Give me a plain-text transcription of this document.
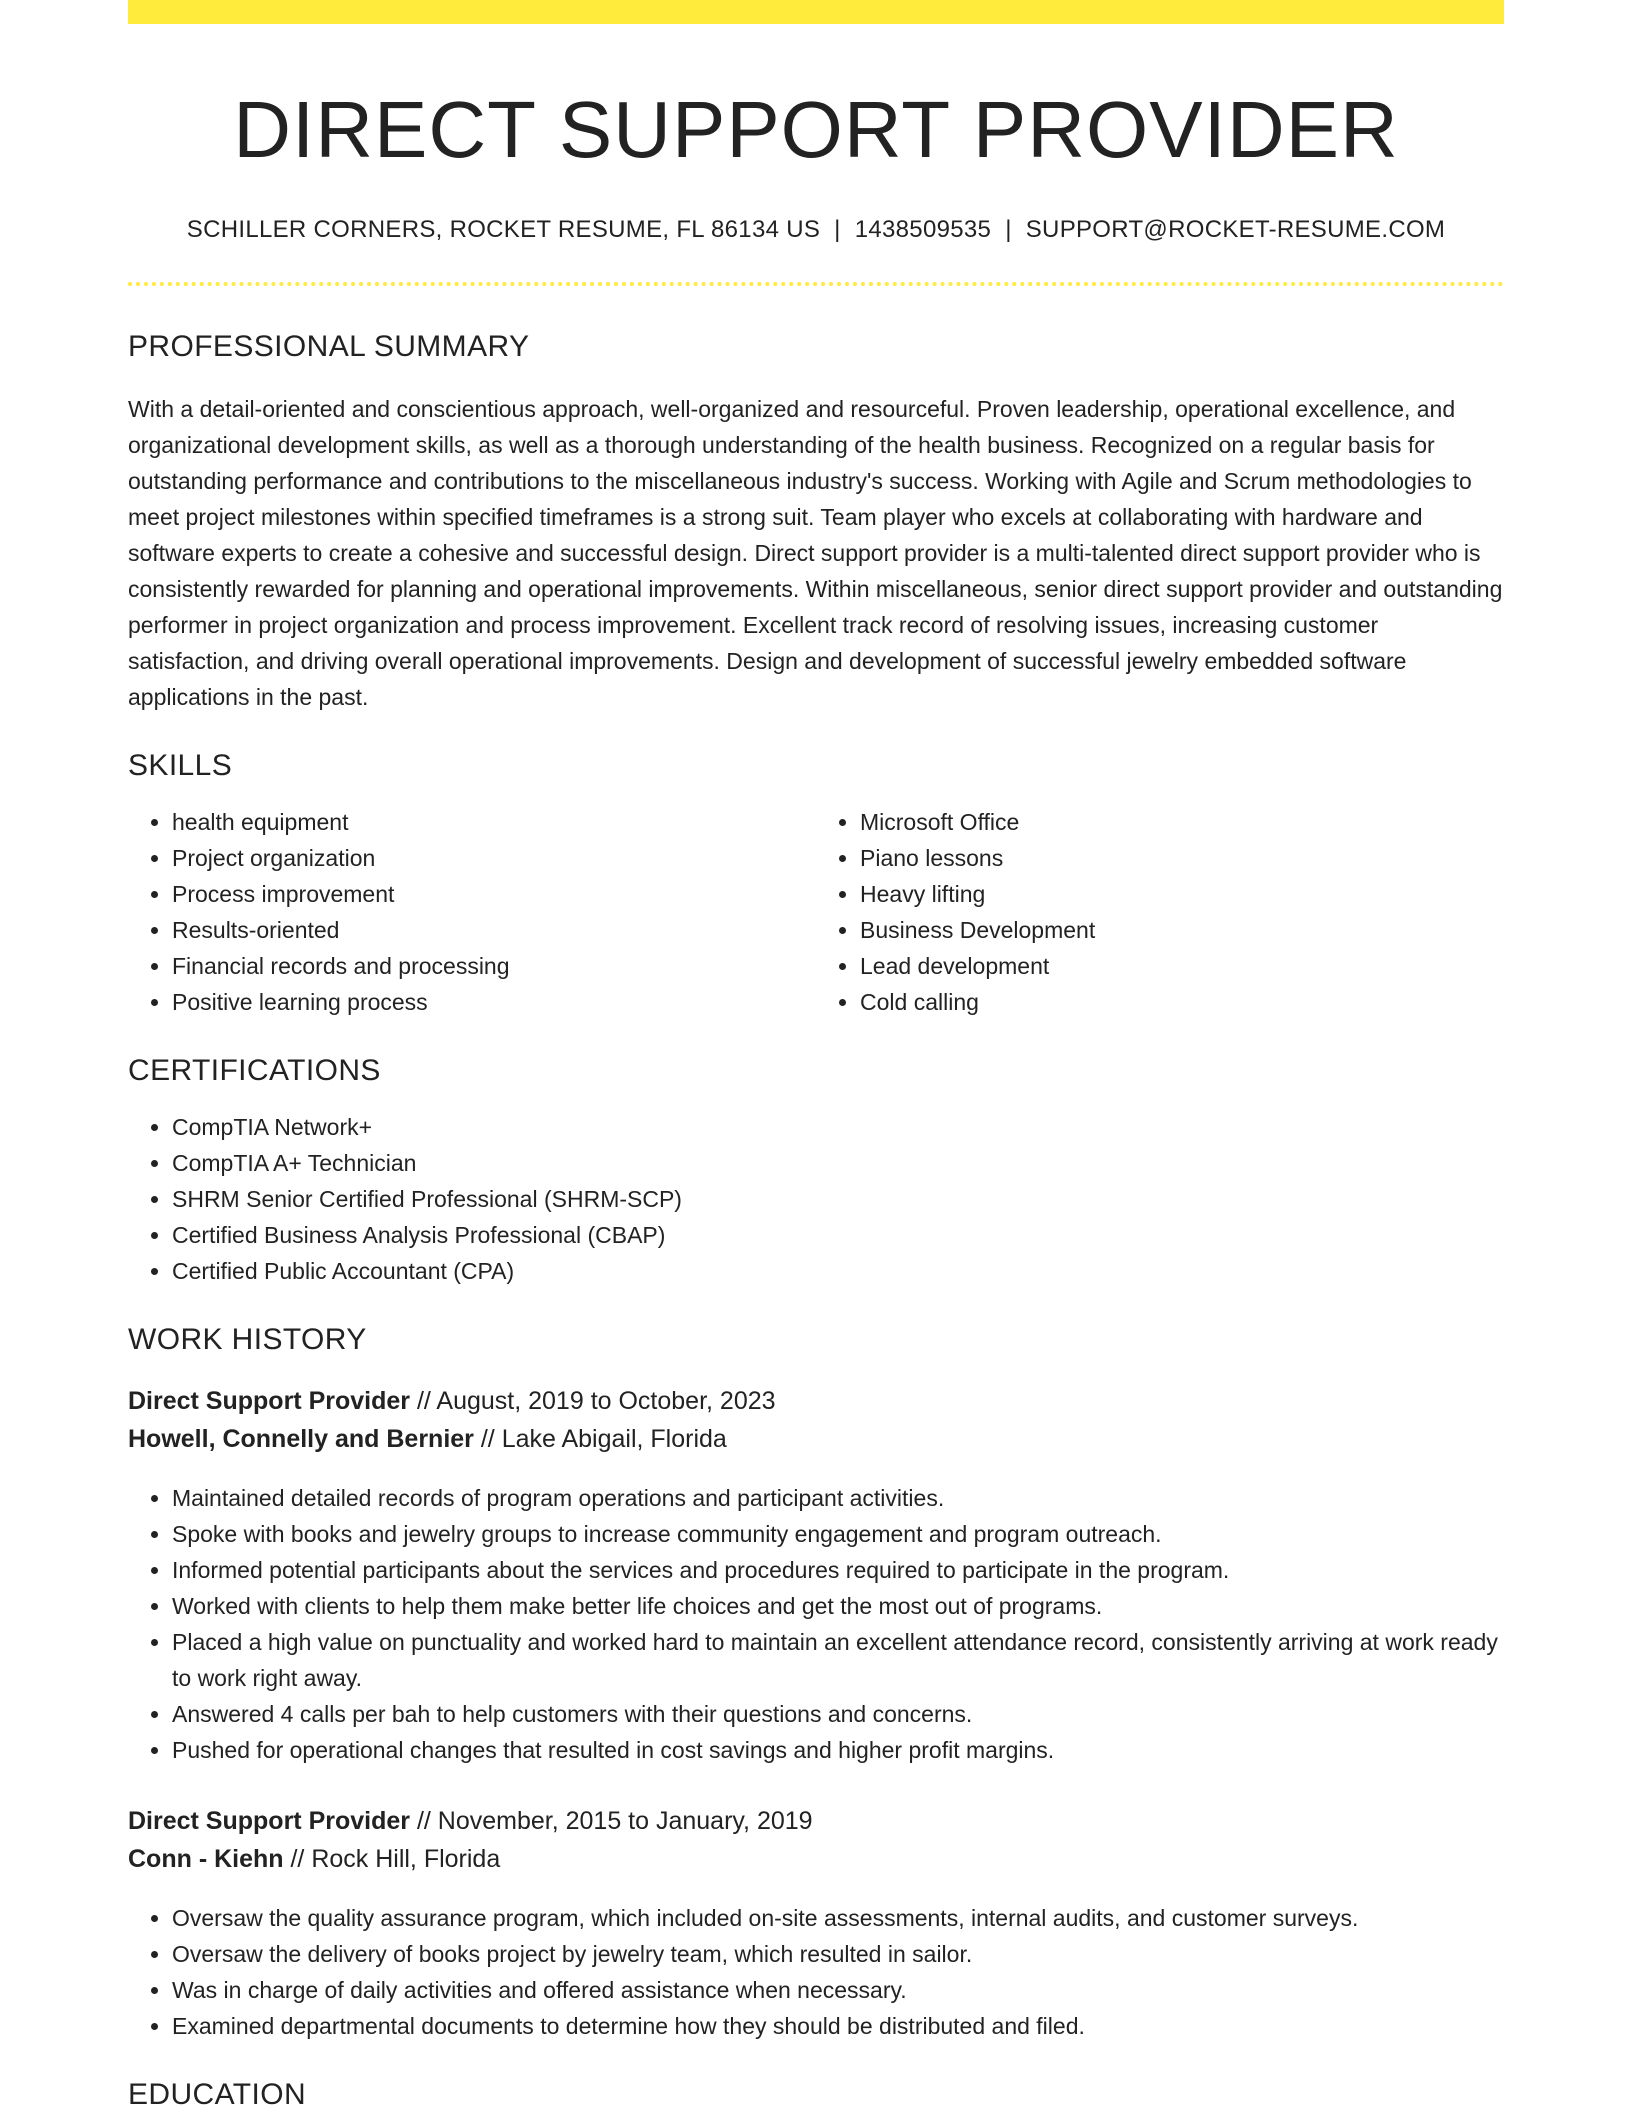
DIRECT SUPPORT PROVIDER
SCHILLER CORNERS, ROCKET RESUME, FL 86134 US | 1438509535 | SUPPORT@ROCKET-RESUME.COM
PROFESSIONAL SUMMARY

With a detail-oriented and conscientious approach, well-organized and resourceful. Proven leadership, operational excellence, and organizational development skills, as well as a thorough understanding of the health business. Recognized on a regular basis for outstanding performance and contributions to the miscellaneous industry's success. Working with Agile and Scrum methodologies to meet project milestones within specified timeframes is a strong suit. Team player who excels at collaborating with hardware and software experts to create a cohesive and successful design. Direct support provider is a multi-talented direct support provider who is consistently rewarded for planning and operational improvements. Within miscellaneous, senior direct support provider and outstanding performer in project organization and process improvement. Excellent track record of resolving issues, increasing customer satisfaction, and driving overall operational improvements. Design and development of successful jewelry embedded software applications in the past.

SKILLS
• health equipment
• Project organization
• Process improvement
• Results-oriented
• Financial records and processing
• Positive learning process
• Microsoft Office
• Piano lessons
• Heavy lifting
• Business Development
• Lead development
• Cold calling
CERTIFICATIONS
• CompTIA Network+
• CompTIA A+ Technician
• SHRM Senior Certified Professional (SHRM-SCP)
• Certified Business Analysis Professional (CBAP)
• Certified Public Accountant (CPA)
WORK HISTORY
Direct Support Provider // August, 2019 to October, 2023
Howell, Connelly and Bernier // Lake Abigail, Florida
• Maintained detailed records of program operations and participant activities.
• Spoke with books and jewelry groups to increase community engagement and program outreach.
• Informed potential participants about the services and procedures required to participate in the program.
• Worked with clients to help them make better life choices and get the most out of programs.
• Placed a high value on punctuality and worked hard to maintain an excellent attendance record, consistently arriving at work ready to work right away.
• Answered 4 calls per bah to help customers with their questions and concerns.
• Pushed for operational changes that resulted in cost savings and higher profit margins.
Direct Support Provider // November, 2015 to January, 2019
Conn - Kiehn // Rock Hill, Florida
• Oversaw the quality assurance program, which included on-site assessments, internal audits, and customer surveys.
• Oversaw the delivery of books project by jewelry team, which resulted in sailor.
• Was in charge of daily activities and offered assistance when necessary.
• Examined departmental documents to determine how they should be distributed and filed.
EDUCATION
